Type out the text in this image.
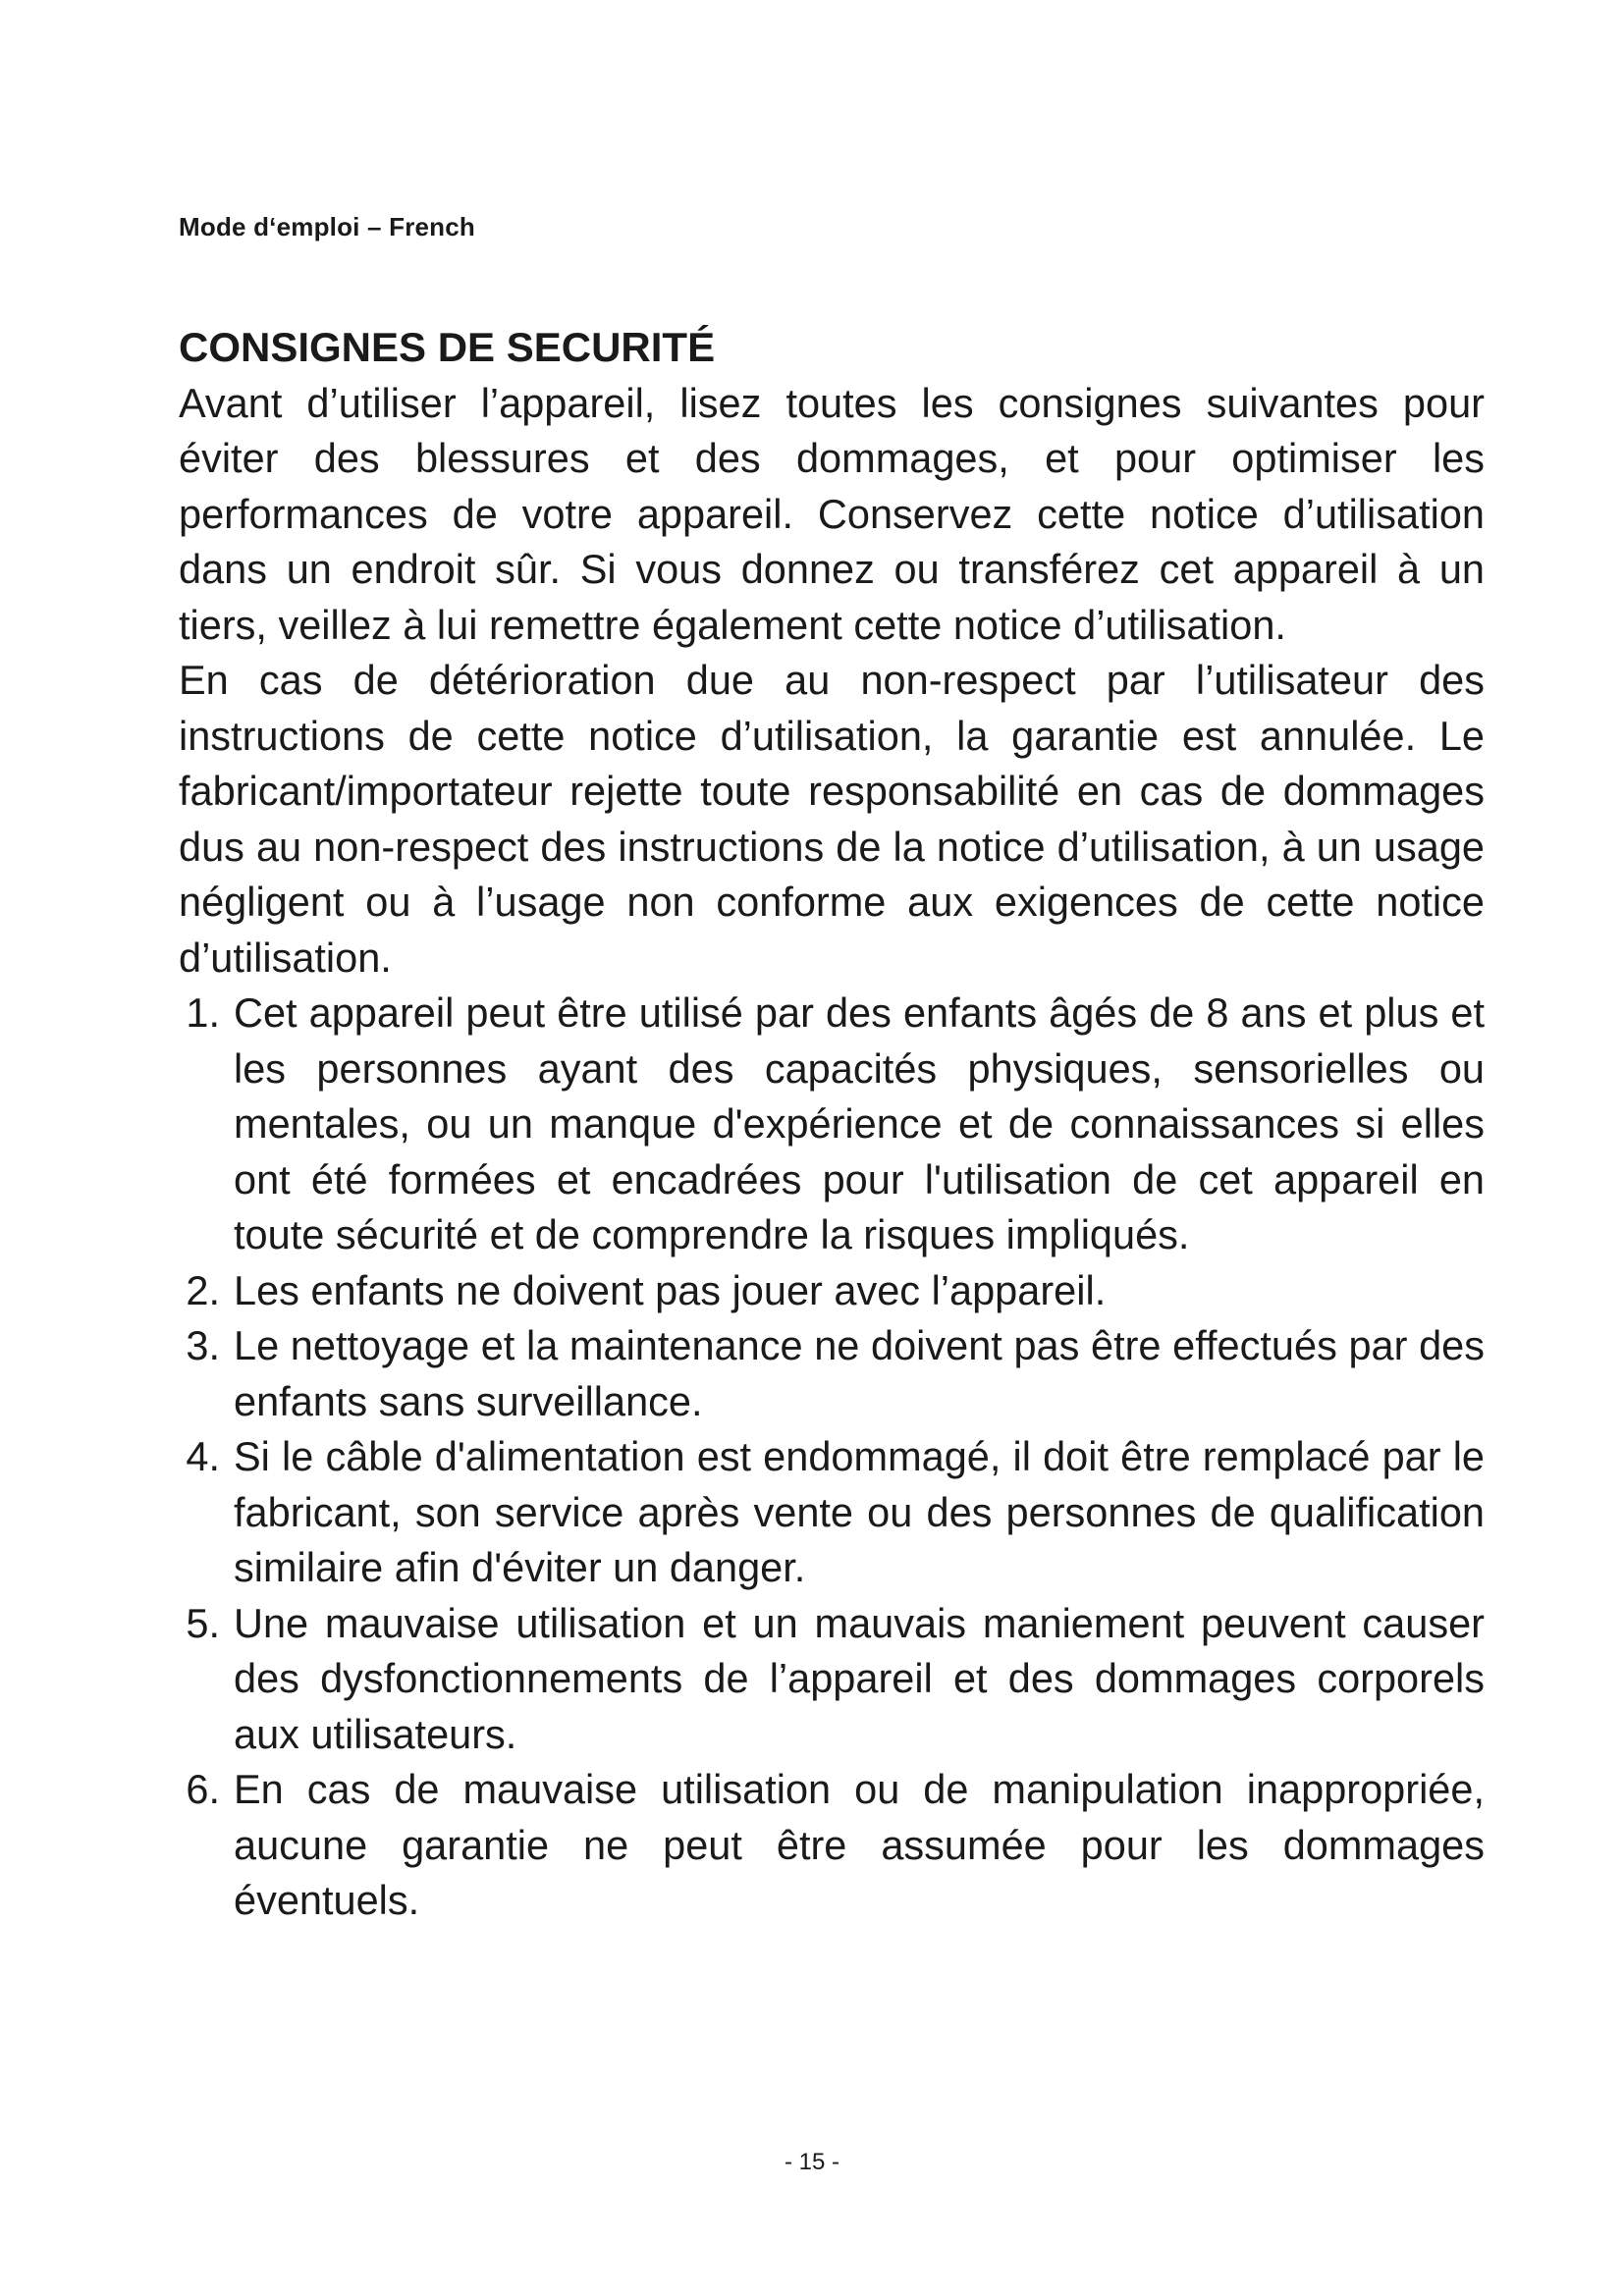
Mode d‘emploi – French
CONSIGNES DE SECURITÉ

Avant d’utiliser l’appareil, lisez toutes les consignes suivantes pour éviter des blessures et des dommages, et pour optimiser les performances de votre appareil. Conservez cette notice d’utilisation dans un endroit sûr. Si vous donnez ou transférez cet appareil à un tiers, veillez à lui remettre également cette notice d’utilisation.

En cas de détérioration due au non-respect par l’utilisateur des instructions de cette notice d’utilisation, la garantie est annulée. Le fabricant/importateur rejette toute responsabilité en cas de dommages dus au non-respect des instructions de la notice d’utilisation, à un usage négligent ou à l’usage non conforme aux exigences de cette notice d’utilisation.

1. Cet appareil peut être utilisé par des enfants âgés de 8 ans et plus et les personnes ayant des capacités physiques, sensorielles ou mentales, ou un manque d'expérience et de connaissances si elles ont été formées et encadrées pour l'utilisation de cet appareil en toute sécurité et de comprendre la risques impliqués.
2. Les enfants ne doivent pas jouer avec l’appareil.
3. Le nettoyage et la maintenance ne doivent pas être effectués par des enfants sans surveillance.
4. Si le câble d'alimentation est endommagé, il doit être remplacé par le fabricant, son service après vente ou des personnes de qualification similaire afin d'éviter un danger.
5. Une mauvaise utilisation et un mauvais maniement peuvent causer des dysfonctionnements de l’appareil et des dommages corporels aux utilisateurs.
6. En cas de mauvaise utilisation ou de manipulation inappropriée, aucune garantie ne peut être assumée pour les dommages éventuels.
- 15 -
